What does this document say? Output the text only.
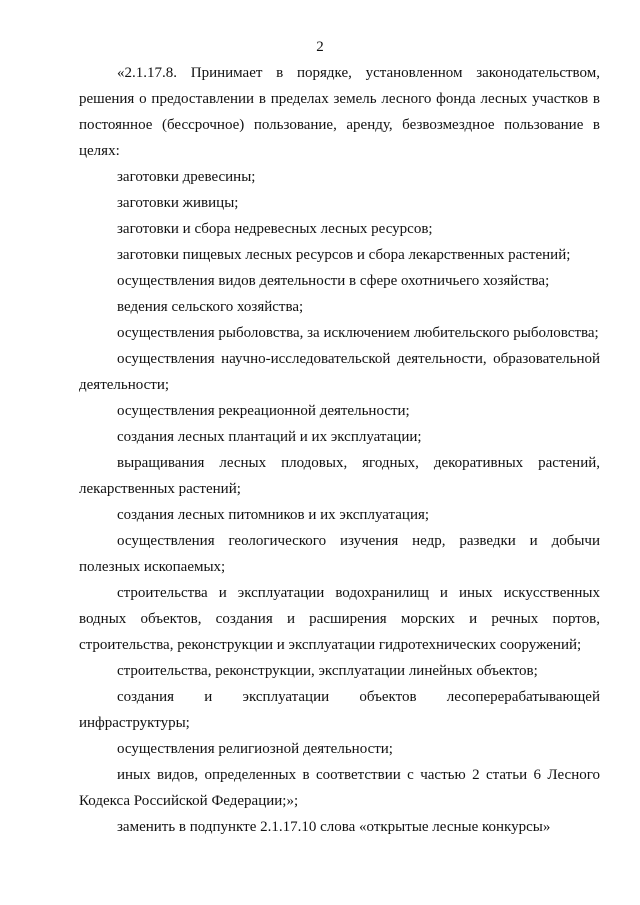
2

«2.1.17.8. Принимает в порядке, установленном законодательством, решения о предоставлении в пределах земель лесного фонда лесных участков в постоянное (бессрочное) пользование, аренду, безвозмездное пользование в целях:

заготовки древесины;

заготовки живицы;

заготовки и сбора недревесных лесных ресурсов;

заготовки пищевых лесных ресурсов и сбора лекарственных растений;

осуществления видов деятельности в сфере охотничьего хозяйства;

ведения сельского хозяйства;

осуществления рыболовства, за исключением любительского рыболовства;

осуществления научно-исследовательской деятельности, образовательной деятельности;

осуществления рекреационной деятельности;

создания лесных плантаций и их эксплуатации;

выращивания лесных плодовых, ягодных, декоративных растений, лекарственных растений;

создания лесных питомников и их эксплуатация;

осуществления геологического изучения недр, разведки и добычи полезных ископаемых;

строительства и эксплуатации водохранилищ и иных искусственных водных объектов, создания и расширения морских и речных портов, строительства, реконструкции и эксплуатации гидротехнических сооружений;

строительства, реконструкции, эксплуатации линейных объектов;

создания и эксплуатации объектов лесоперерабатывающей инфраструктуры;

осуществления религиозной деятельности;

иных видов, определенных в соответствии с частью 2 статьи 6 Лесного Кодекса Российской Федерации;»;

заменить в подпункте 2.1.17.10 слова «открытые лесные конкурсы»
